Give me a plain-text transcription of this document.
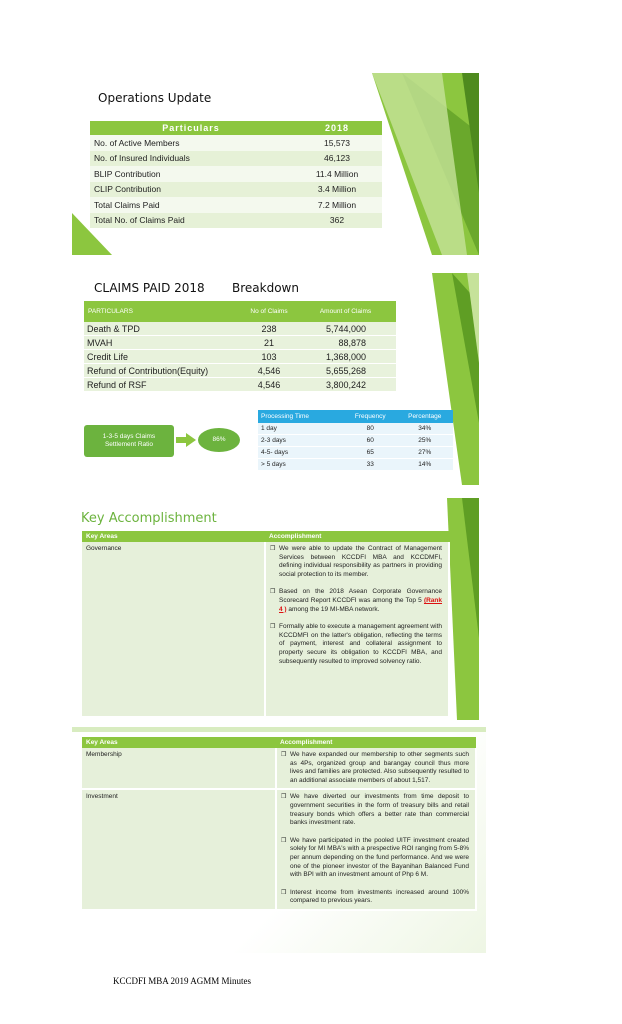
Operations Update
Particulars	2018
No. of Active Members	15,573
No. of Insured Individuals	46,123
BLIP Contribution	11.4 Million
CLIP Contribution	3.4 Million
Total Claims Paid	7.2 Million
Total No. of Claims Paid	362
CLAIMS PAID 2018 Breakdown
PARTICULARS	No of Claims	Amount of Claims
Death & TPD	238	5,744,000
MVAH	21	88,878
Credit Life	103	1,368,000
Refund of Contribution(Equity)	4,546	5,655,268
Refund of RSF	4,546	3,800,242
1-3-5 days Claims Settlement Ratio
86%
Processing Time	Frequency	Percentage
1 day	80	34%
2-3 days	60	25%
4-5- days	65	27%
> 5 days	33	14%
Key Accomplishment
Key Areas	Accomplishment
Governance	❒ We were able to update the Contract of Management Services between KCCDFI MBA and KCCDMFI, defining individual responsibility as partners in providing social protection to its member.
❒ Based on the 2018 Asean Corporate Governance Scorecard Report KCCDFI was among the Top 5 (Rank 4 ) among the 19 MI-MBA network.
❒ Formally able to execute a management agreement with KCCDMFI on the latter's obligation, reflecting the terms of payment, interest and collateral assignment to property secure its obligation to KCCDFI MBA, and subsequently resulted to improved solvency ratio.
Key Areas	Accomplishment
Membership	❒ We have expanded our membership to other segments such as 4Ps, organized group and barangay council thus more lives and families are protected. Also subsequently resulted to an additional associate members of about 1,517.

Investment	❒ We have diverted our investments from time deposit to government securities in the form of treasury bills and retail treasury bonds which offers a better rate than commercial banks investment rate.
❒ We have participated in the pooled UITF investment created solely for MI MBA's with a prespective ROI ranging from 5-8% per annum depending on the fund performance. And we were one of the pioneer investor of the Bayanihan Balanced Fund with BPI with an investment amount of Php 6 M.
❒ Interest income from investments increased around 100% compared to previous years.
KCCDFI MBA 2019 AGMM Minutes
